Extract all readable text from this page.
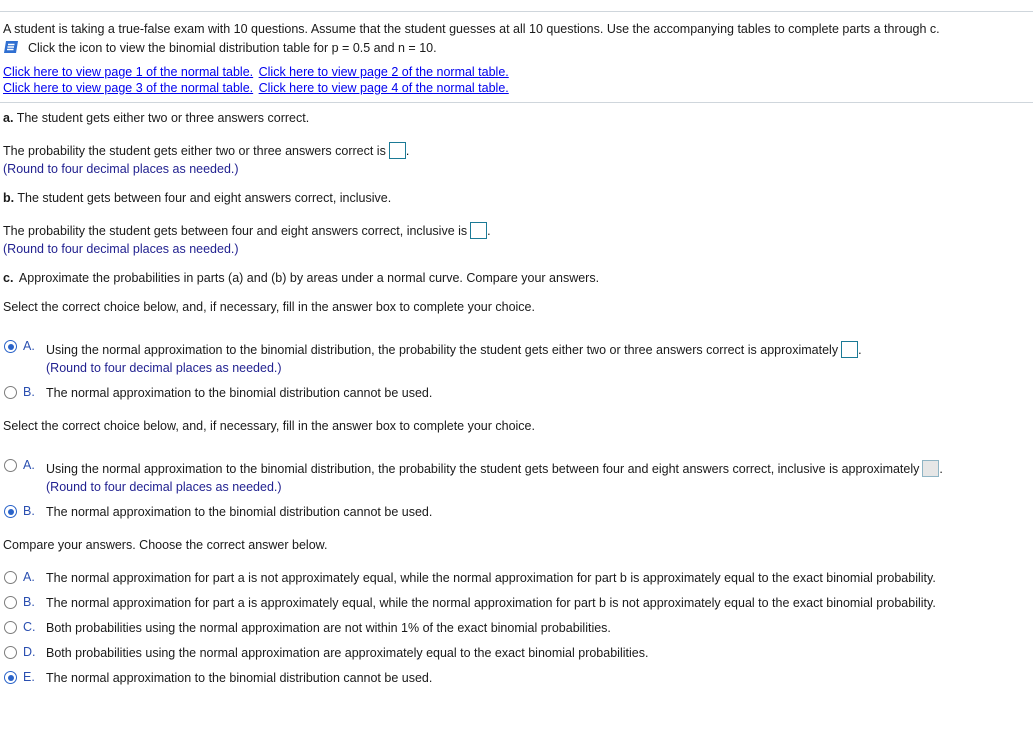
A student is taking a true-false exam with 10 questions. Assume that the student guesses at all 10 questions. Use the accompanying tables to complete parts a through c.
Click the icon to view the binomial distribution table for p = 0.5 and n = 10.
Click here to view page 1 of the normal table. Click here to view page 2 of the normal table.
Click here to view page 3 of the normal table. Click here to view page 4 of the normal table.
a. The student gets either two or three answers correct.
The probability the student gets either two or three answers correct is .
(Round to four decimal places as needed.)
b. The student gets between four and eight answers correct, inclusive.
The probability the student gets between four and eight answers correct, inclusive is .
(Round to four decimal places as needed.)
c. Approximate the probabilities in parts (a) and (b) by areas under a normal curve. Compare your answers.
Select the correct choice below, and, if necessary, fill in the answer box to complete your choice.
A. Using the normal approximation to the binomial distribution, the probability the student gets either two or three answers correct is approximately .
(Round to four decimal places as needed.)
B. The normal approximation to the binomial distribution cannot be used.
Select the correct choice below, and, if necessary, fill in the answer box to complete your choice.
A. Using the normal approximation to the binomial distribution, the probability the student gets between four and eight answers correct, inclusive is approximately .
(Round to four decimal places as needed.)
B. The normal approximation to the binomial distribution cannot be used.
Compare your answers. Choose the correct answer below.
A. The normal approximation for part a is not approximately equal, while the normal approximation for part b is approximately equal to the exact binomial probability.
B. The normal approximation for part a is approximately equal, while the normal approximation for part b is not approximately equal to the exact binomial probability.
C. Both probabilities using the normal approximation are not within 1% of the exact binomial probabilities.
D. Both probabilities using the normal approximation are approximately equal to the exact binomial probabilities.
E. The normal approximation to the binomial distribution cannot be used.
